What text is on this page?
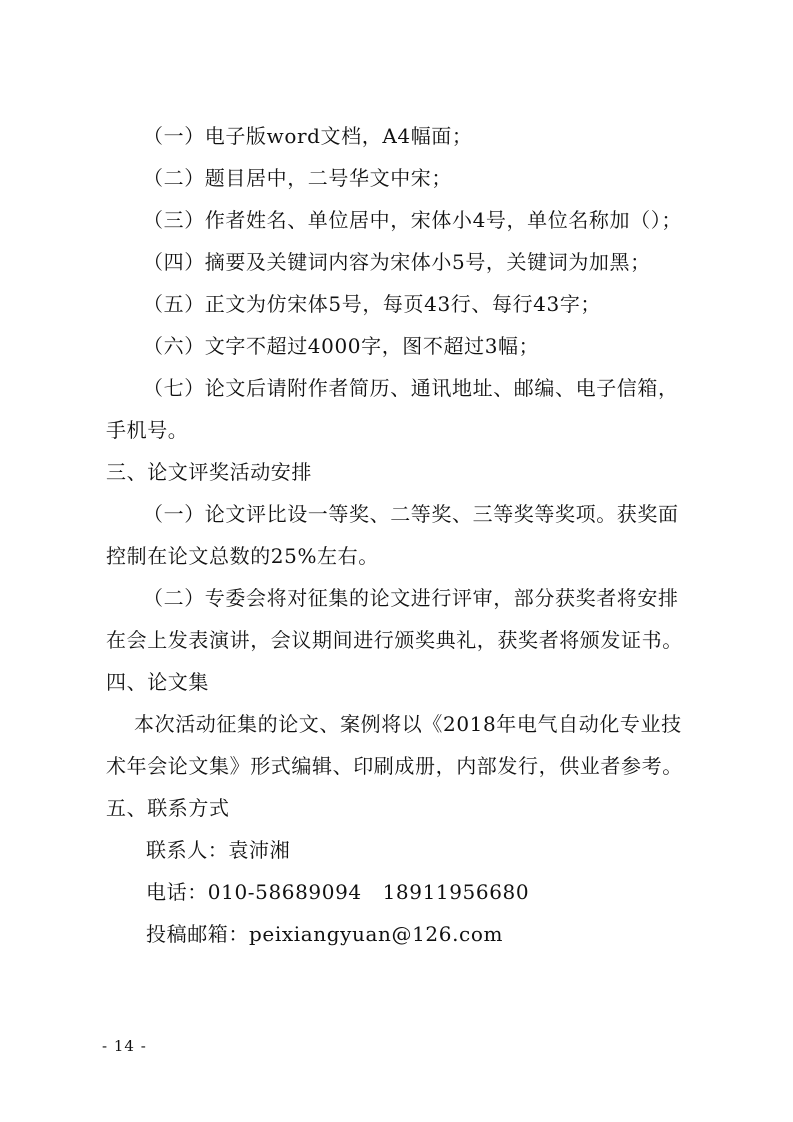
（一）电子版word文档，A4幅面；
（二）题目居中，二号华文中宋；
（三）作者姓名、单位居中，宋体小4号，单位名称加（）；
（四）摘要及关键词内容为宋体小5号，关键词为加黑；
（五）正文为仿宋体5号，每页43行、每行43字；
（六）文字不超过4000字，图不超过3幅；
（七）论文后请附作者简历、通讯地址、邮编、电子信箱，
手机号。
三、论文评奖活动安排
（一）论文评比设一等奖、二等奖、三等奖等奖项。获奖面
控制在论文总数的25%左右。
（二）专委会将对征集的论文进行评审，部分获奖者将安排
在会上发表演讲，会议期间进行颁奖典礼，获奖者将颁发证书。
四、论文集
本次活动征集的论文、案例将以《2018年电气自动化专业技
术年会论文集》形式编辑、印刷成册，内部发行，供业者参考。
五、联系方式
联系人：袁沛湘
电话：010-58689094   18911956680
投稿邮箱：peixiangyuan@126.com
- 14 -
